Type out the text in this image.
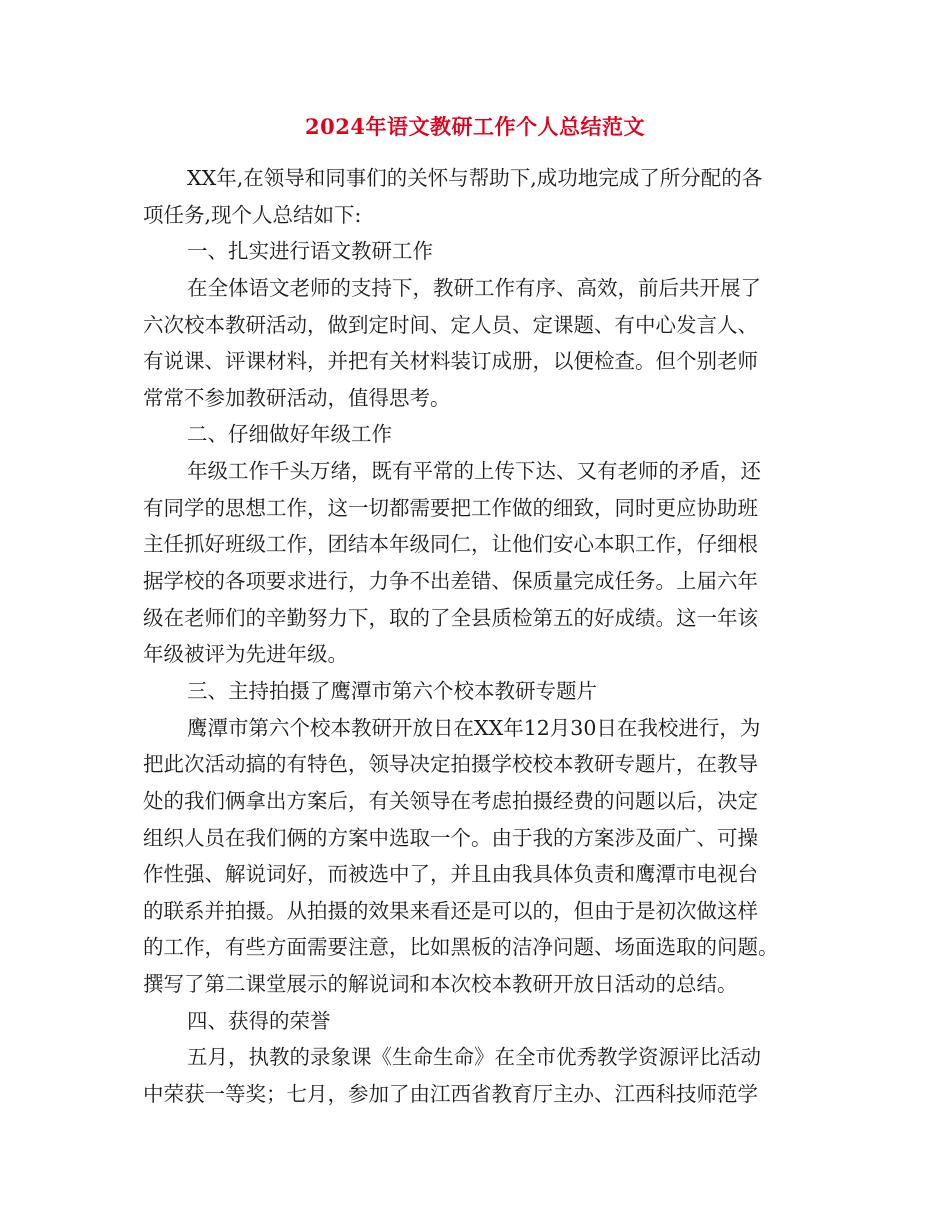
2024年语文教研工作个人总结范文
XX年,在领导和同事们的关怀与帮助下,成功地完成了所分配的各
项任务,现个人总结如下:
一、扎实进行语文教研工作
在全体语文老师的支持下，教研工作有序、高效，前后共开展了
六次校本教研活动，做到定时间、定人员、定课题、有中心发言人、
有说课、评课材料，并把有关材料装订成册，以便检查。但个别老师
常常不参加教研活动，值得思考。
二、仔细做好年级工作
年级工作千头万绪，既有平常的上传下达、又有老师的矛盾，还
有同学的思想工作，这一切都需要把工作做的细致，同时更应协助班
主任抓好班级工作，团结本年级同仁，让他们安心本职工作，仔细根
据学校的各项要求进行，力争不出差错、保质量完成任务。上届六年
级在老师们的辛勤努力下，取的了全县质检第五的好成绩。这一年该
年级被评为先进年级。
三、主持拍摄了鹰潭市第六个校本教研专题片
鹰潭市第六个校本教研开放日在XX年12月30日在我校进行，为
把此次活动搞的有特色，领导决定拍摄学校校本教研专题片，在教导
处的我们俩拿出方案后，有关领导在考虑拍摄经费的问题以后，决定
组织人员在我们俩的方案中选取一个。由于我的方案涉及面广、可操
作性强、解说词好，而被选中了，并且由我具体负责和鹰潭市电视台
的联系并拍摄。从拍摄的效果来看还是可以的，但由于是初次做这样
的工作，有些方面需要注意，比如黑板的洁净问题、场面选取的问题。
撰写了第二课堂展示的解说词和本次校本教研开放日活动的总结。
四、获得的荣誉
五月，执教的录象课《生命生命》在全市优秀教学资源评比活动
中荣获一等奖；七月，参加了由江西省教育厅主办、江西科技师范学
